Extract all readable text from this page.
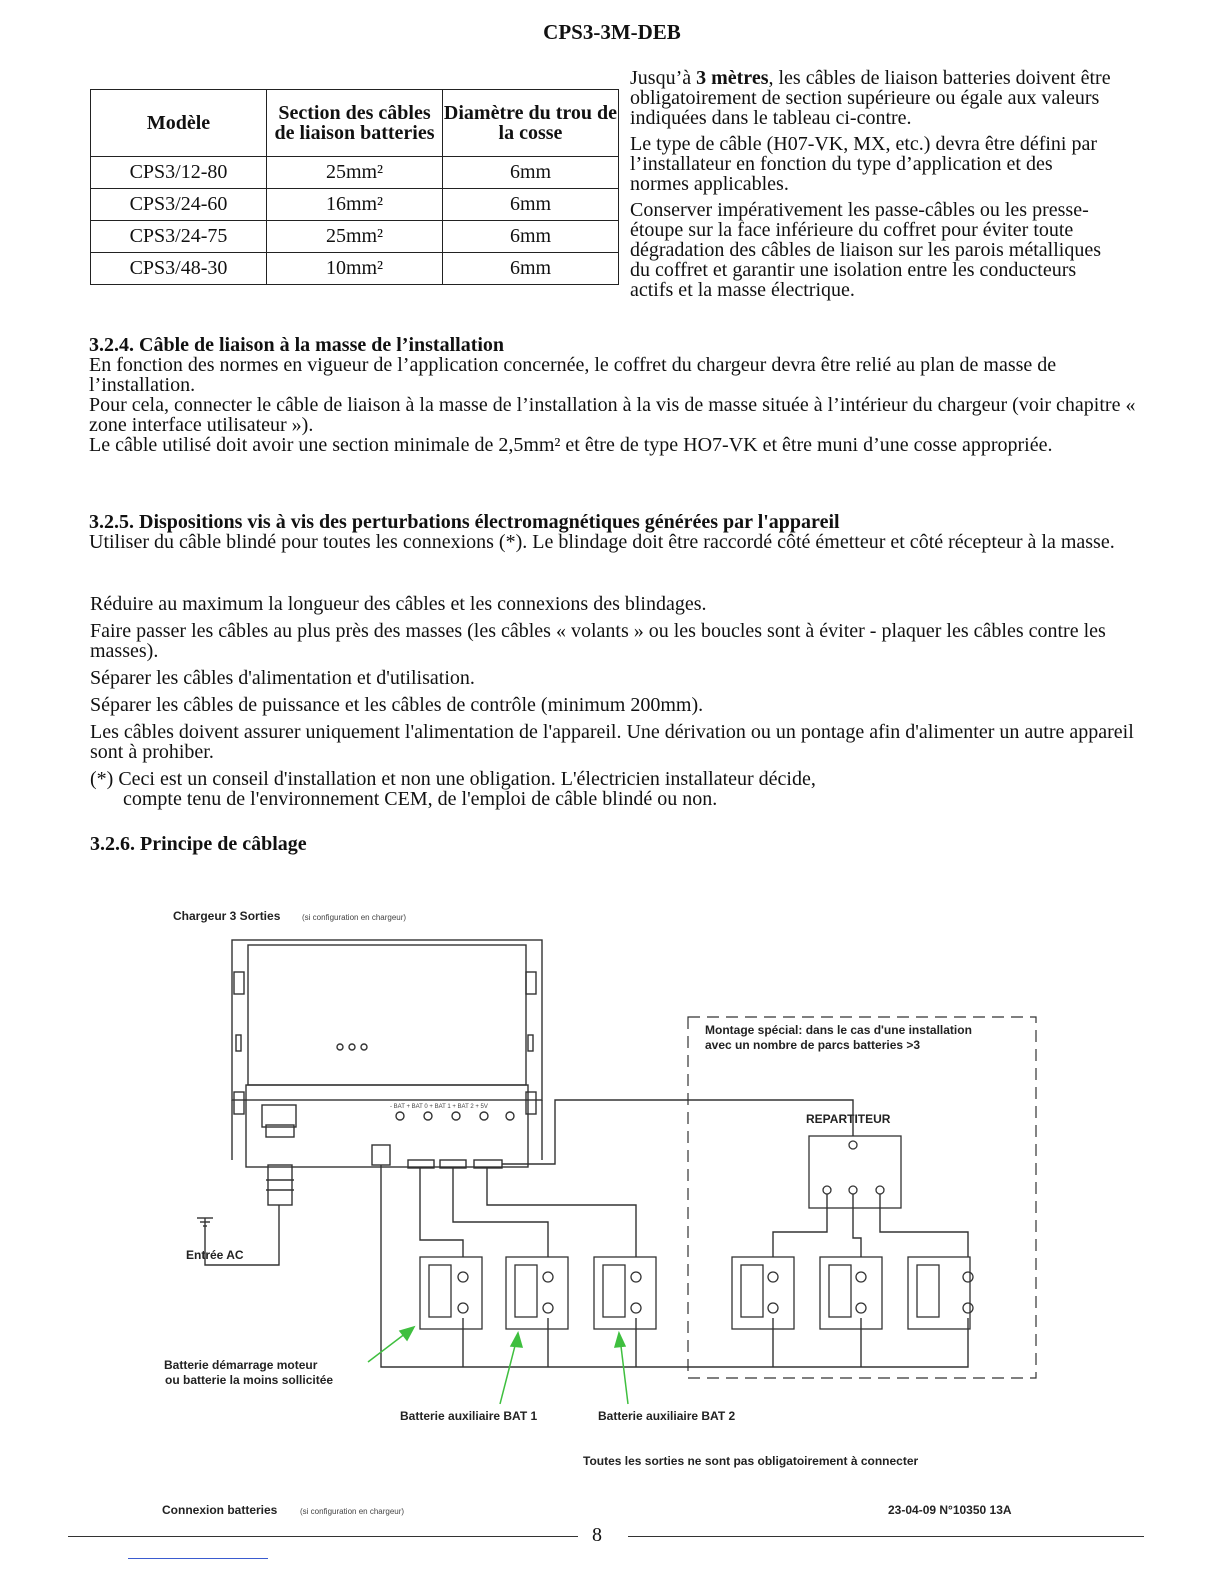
CPS3-3M-DEB
Modèle	Section des câbles de liaison batteries	Diamètre du trou de la cosse
CPS3/12-80	25mm²	6mm
CPS3/24-60	16mm²	6mm
CPS3/24-75	25mm²	6mm
CPS3/48-30	10mm²	6mm

Jusqu’à 3 mètres, les câbles de liaison batteries doivent être obligatoirement de section supérieure ou égale aux valeurs indiquées dans le tableau ci-contre.

Le type de câble (H07-VK, MX, etc.) devra être défini par l’installateur en fonction du type d’application et des normes applicables.

Conserver impérativement les passe-câbles ou les presse-étoupe sur la face inférieure du coffret pour éviter toute dégradation des câbles de liaison sur les parois métalliques du coffret et garantir une isolation entre les conducteurs actifs et la masse électrique.

3.2.4. Câble de liaison à la masse de l’installation

En fonction des normes en vigueur de l’application concernée, le coffret du chargeur devra être relié au plan de masse de l’installation.

Pour cela, connecter le câble de liaison à la masse de l’installation à la vis de masse située à l’intérieur du chargeur (voir chapitre « zone interface utilisateur »).

Le câble utilisé doit avoir une section minimale de 2,5mm² et être de type HO7-VK et être muni d’une cosse appropriée.

3.2.5. Dispositions vis à vis des perturbations électromagnétiques générées par l'appareil

Utiliser du câble blindé pour toutes les connexions (*). Le blindage doit être raccordé côté émetteur et côté récepteur à la masse.

Réduire au maximum la longueur des câbles et les connexions des blindages.

Faire passer les câbles au plus près des masses (les câbles « volants » ou les boucles sont à éviter - plaquer les câbles contre les masses).

Séparer les câbles d'alimentation et d'utilisation.

Séparer les câbles de puissance et les câbles de contrôle (minimum 200mm).

Les câbles doivent assurer uniquement l'alimentation de l'appareil. Une dérivation ou un pontage afin d'alimenter un autre appareil sont à prohiber.

(*) Ceci est un conseil d'installation et non une obligation. L'électricien installateur décide,

compte tenu de l'environnement CEM, de l'emploi de câble blindé ou non.

3.2.6. Principe de câblage
Chargeur 3 Sorties	(si configuration en chargeur)
- BAT + BAT 0 + BAT 1 + BAT 2 + 5V
Montage spécial: dans le cas d'une installation
avec un nombre de parcs batteries >3
REPARTITEUR
Entrée AC
Batterie démarrage moteur
ou batterie la moins sollicitée
Batterie auxiliaire BAT 1	Batterie auxiliaire BAT 2
Toutes les sorties ne sont pas obligatoirement à connecter
Connexion batteries	(si configuration en chargeur)	23-04-09 N°10350 13A
8
